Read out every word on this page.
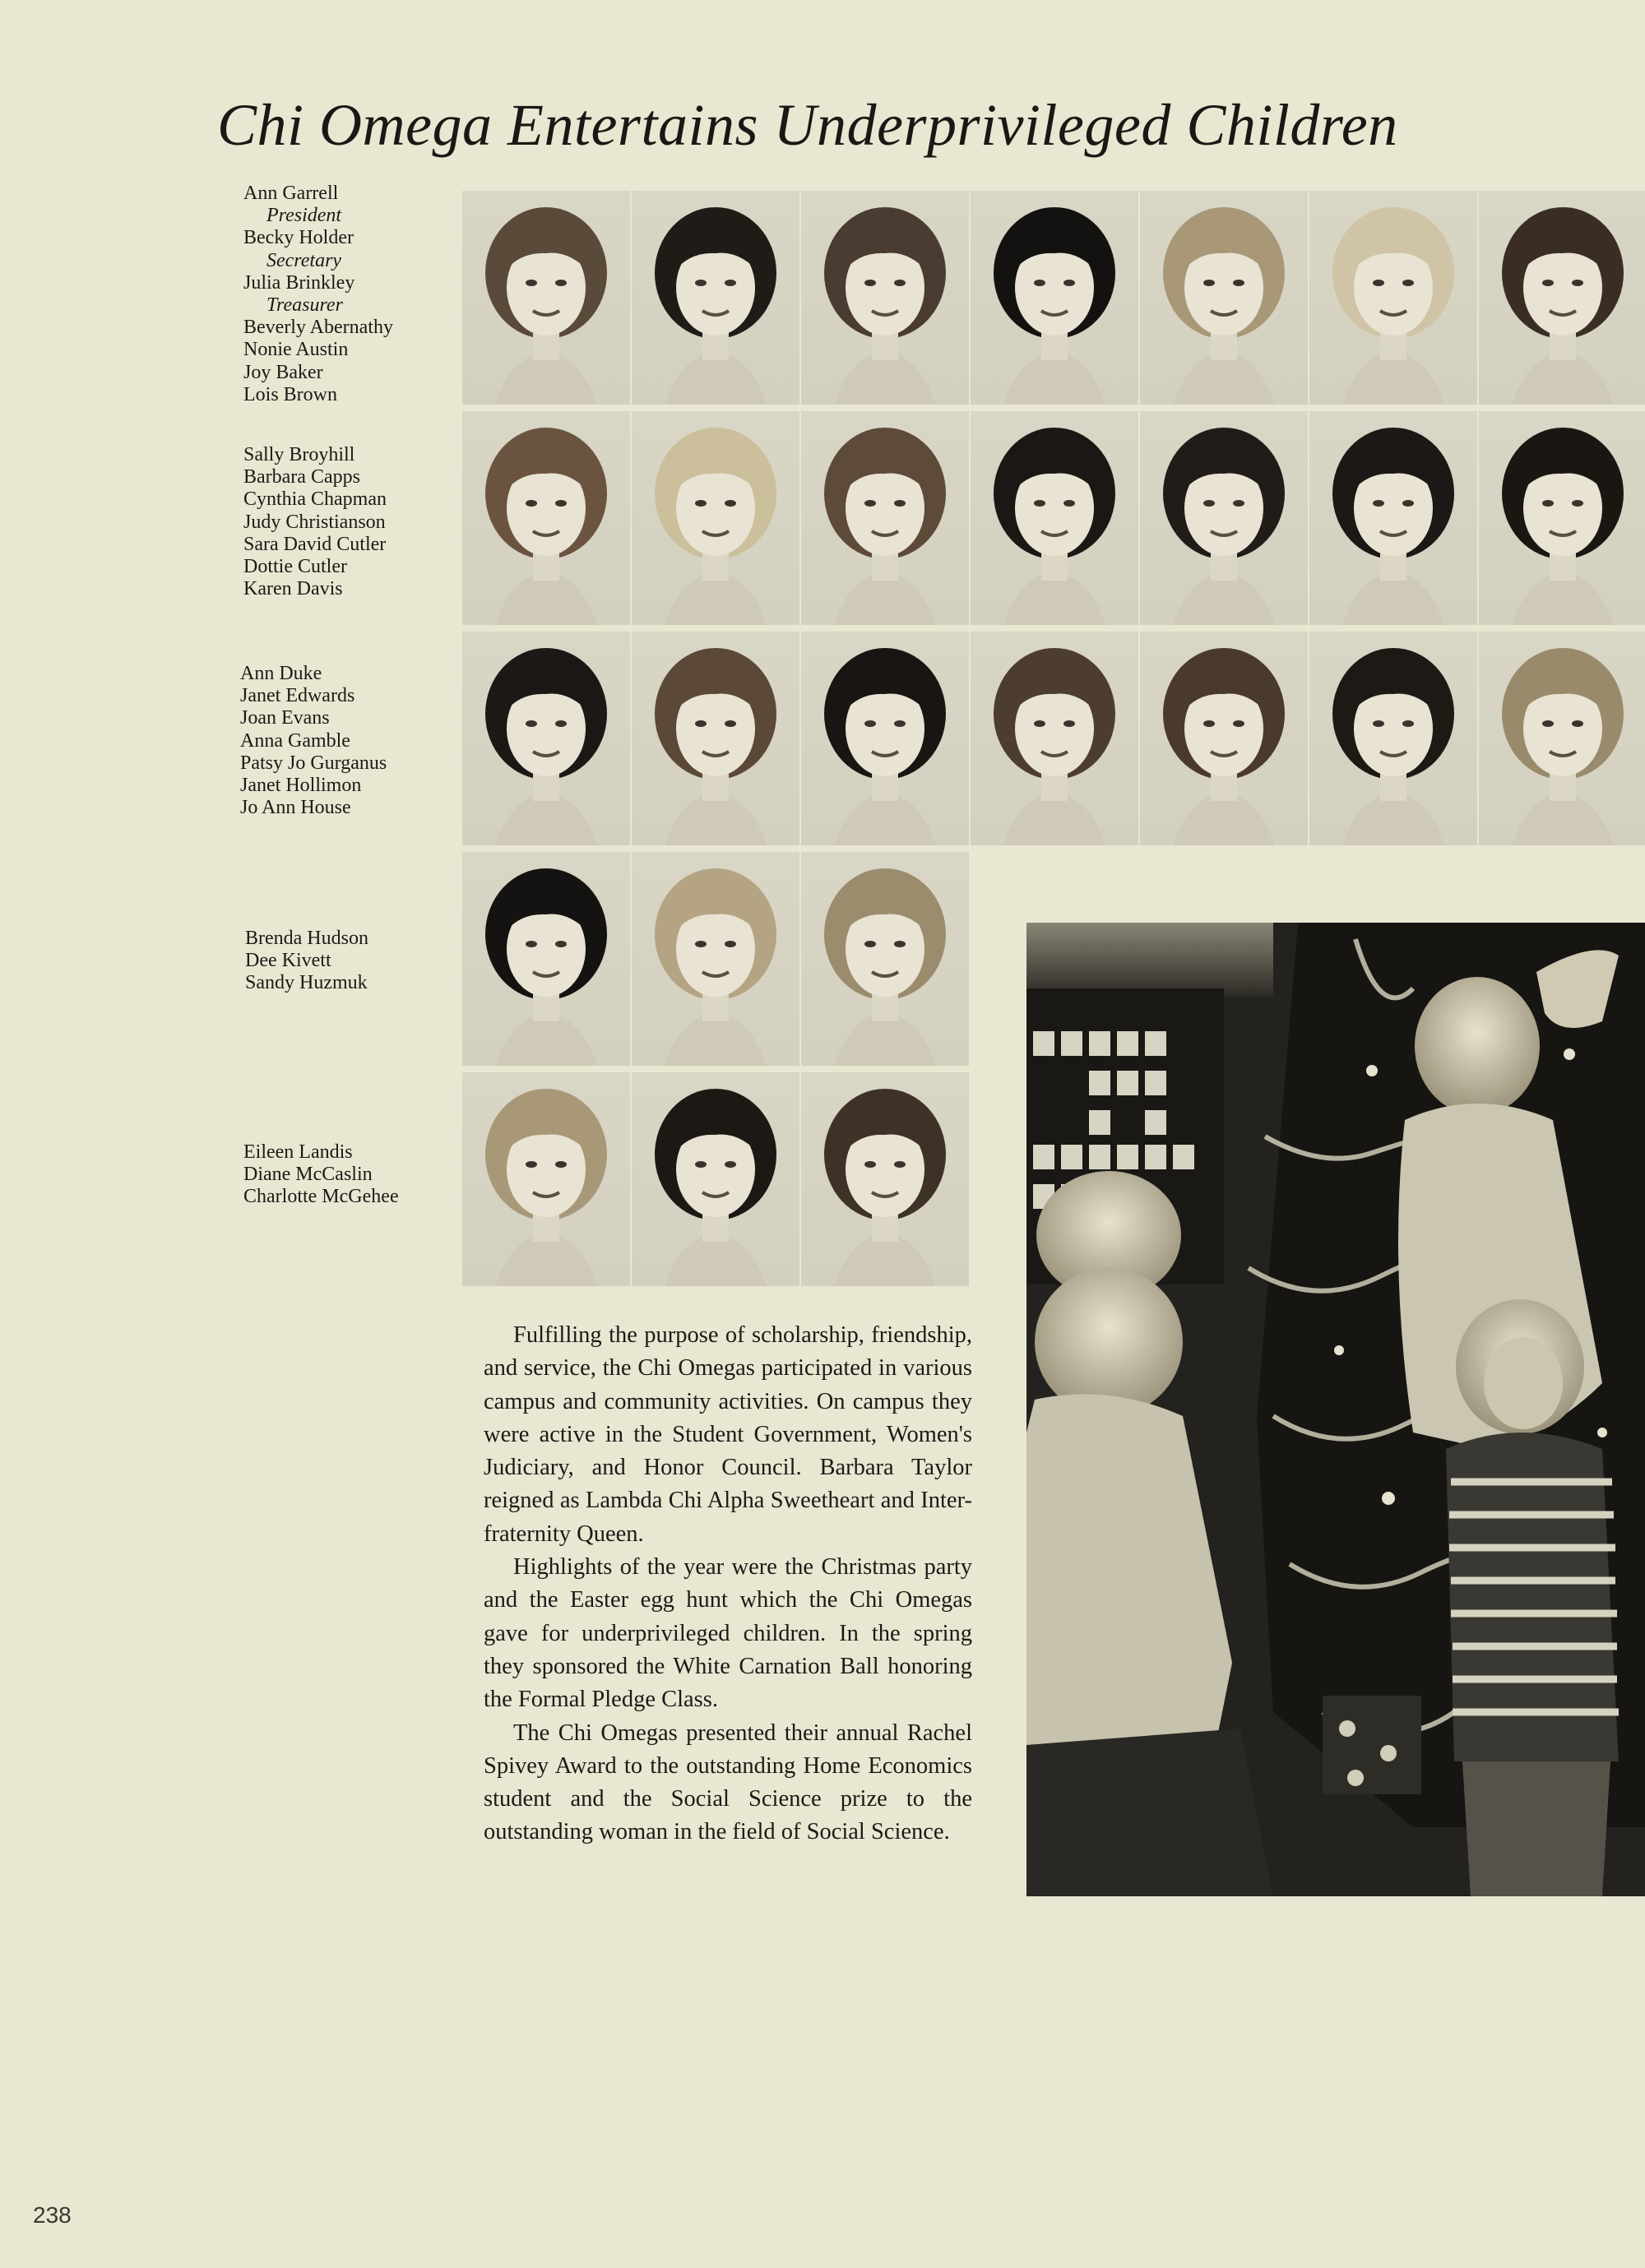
Chi Omega Entertains Underprivileged Children
Ann Garrell
President
Becky Holder
Secretary
Julia Brinkley
Treasurer
Beverly Abernathy
Nonie Austin
Joy Baker
Lois Brown
Sally Broyhill
Barbara Capps
Cynthia Chapman
Judy Christianson
Sara David Cutler
Dottie Cutler
Karen Davis
Ann Duke
Janet Edwards
Joan Evans
Anna Gamble
Patsy Jo Gurganus
Janet Hollimon
Jo Ann House
Brenda Hudson
Dee Kivett
Sandy Huzmuk
Eileen Landis
Diane McCaslin
Charlotte McGehee

Fulfilling the purpose of scholarship, friendship, and service, the Chi Omegas participated in various campus and community activities. On campus they were active in the Student Government, Women's Judiciary, and Honor Council. Barbara Taylor reigned as Lambda Chi Alpha Sweetheart and Inter-fraternity Queen.

Highlights of the year were the Christmas party and the Easter egg hunt which the Chi Omegas gave for underprivileged children. In the spring they sponsored the White Carnation Ball honoring the Formal Pledge Class.

The Chi Omegas presented their annual Rachel Spivey Award to the outstanding Home Economics student and the Social Science prize to the outstanding woman in the field of Social Science.

238
